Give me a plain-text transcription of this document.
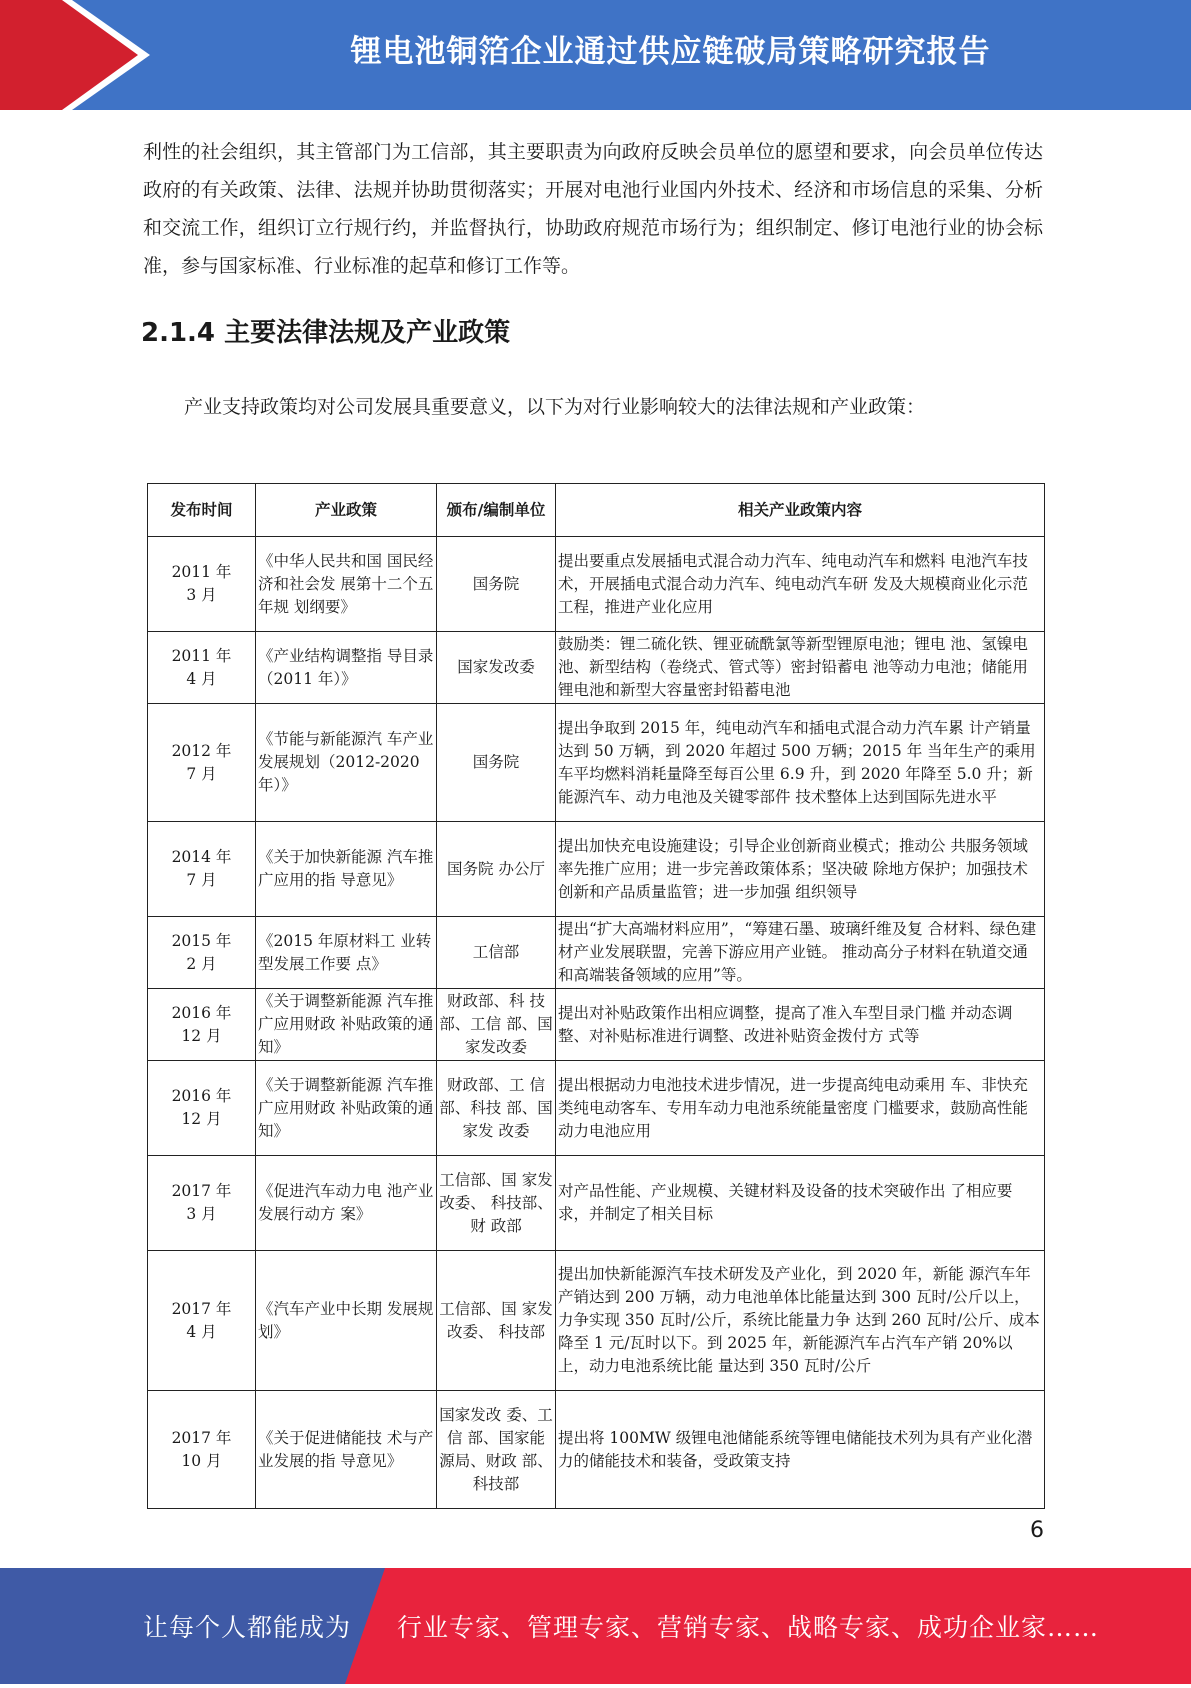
锂电池铜箔企业通过供应链破局策略研究报告

利性的社会组织，其主管部门为工信部，其主要职责为向政府反映会员单位的愿望和要求，向会员单位传达政府的有关政策、法律、法规并协助贯彻落实；开展对电池行业国内外技术、经济和市场信息的采集、分析和交流工作，组织订立行规行约，并监督执行，协助政府规范市场行为；组织制定、修订电池行业的协会标准，参与国家标准、行业标准的起草和修订工作等。

2.1.4 主要法律法规及产业政策

产业支持政策均对公司发展具重要意义，以下为对行业影响较大的法律法规和产业政策：

发布时间	产业政策	颁布/编制单位	相关产业政策内容
2011 年
3 月	《中华人民共和国 国民经济和社会发 展第十二个五年规 划纲要》	国务院	提出要重点发展插电式混合动力汽车、纯电动汽车和燃料 电池汽车技术，开展插电式混合动力汽车、纯电动汽车研 发及大规模商业化示范工程，推进产业化应用
2011 年
4 月	《产业结构调整指 导目录（2011 年）》	国家发改委	鼓励类：锂二硫化铁、锂亚硫酰氯等新型锂原电池；锂电 池、氢镍电池、新型结构（卷绕式、管式等）密封铅蓄电 池等动力电池；储能用锂电池和新型大容量密封铅蓄电池
2012 年
7 月	《节能与新能源汽 车产业发展规划（2012-2020 年）》	国务院	提出争取到 2015 年，纯电动汽车和插电式混合动力汽车累 计产销量达到 50 万辆，到 2020 年超过 500 万辆；2015 年 当年生产的乘用车平均燃料消耗量降至每百公里 6.9 升，到 2020 年降至 5.0 升；新能源汽车、动力电池及关键零部件 技术整体上达到国际先进水平
2014 年
7 月	《关于加快新能源 汽车推广应用的指 导意见》	国务院 办公厅	提出加快充电设施建设；引导企业创新商业模式；推动公 共服务领域率先推广应用；进一步完善政策体系；坚决破 除地方保护；加强技术创新和产品质量监管；进一步加强 组织领导
2015 年
2 月	《2015 年原材料工 业转型发展工作要 点》	工信部	提出“扩大高端材料应用”，“筹建石墨、玻璃纤维及复 合材料、绿色建材产业发展联盟，完善下游应用产业链。 推动高分子材料在轨道交通和高端装备领域的应用”等。
2016 年
12 月	《关于调整新能源 汽车推广应用财政 补贴政策的通知》	财政部、科 技部、工信 部、国家发改委	提出对补贴政策作出相应调整，提高了准入车型目录门槛 并动态调整、对补贴标准进行调整、改进补贴资金拨付方 式等
2016 年
12 月	《关于调整新能源 汽车推广应用财政 补贴政策的通知》	财政部、工 信部、科技 部、国家发 改委	提出根据动力电池技术进步情况，进一步提高纯电动乘用 车、非快充类纯电动客车、专用车动力电池系统能量密度 门槛要求，鼓励高性能动力电池应用
2017 年
3 月	《促进汽车动力电 池产业发展行动方 案》	工信部、国 家发改委、 科技部、财 政部	对产品性能、产业规模、关键材料及设备的技术突破作出 了相应要求，并制定了相关目标
2017 年
4 月	《汽车产业中长期 发展规划》	工信部、国 家发改委、 科技部	提出加快新能源汽车技术研发及产业化，到 2020 年，新能 源汽车年产销达到 200 万辆，动力电池单体比能量达到 300 瓦时/公斤以上，力争实现 350 瓦时/公斤，系统比能量力争 达到 260 瓦时/公斤、成本降至 1 元/瓦时以下。到 2025 年，新能源汽车占汽车产销 20%以上，动力电池系统比能 量达到 350 瓦时/公斤
2017 年
10 月	《关于促进储能技 术与产业发展的指 导意见》	国家发改 委、工信 部、国家能 源局、财政 部、科技部	提出将 100MW 级锂电池储能系统等锂电储能技术列为具有产业化潜力的储能技术和装备，受政策支持
6
让每个人都能成为 行业专家、管理专家、营销专家、战略专家、成功企业家……
